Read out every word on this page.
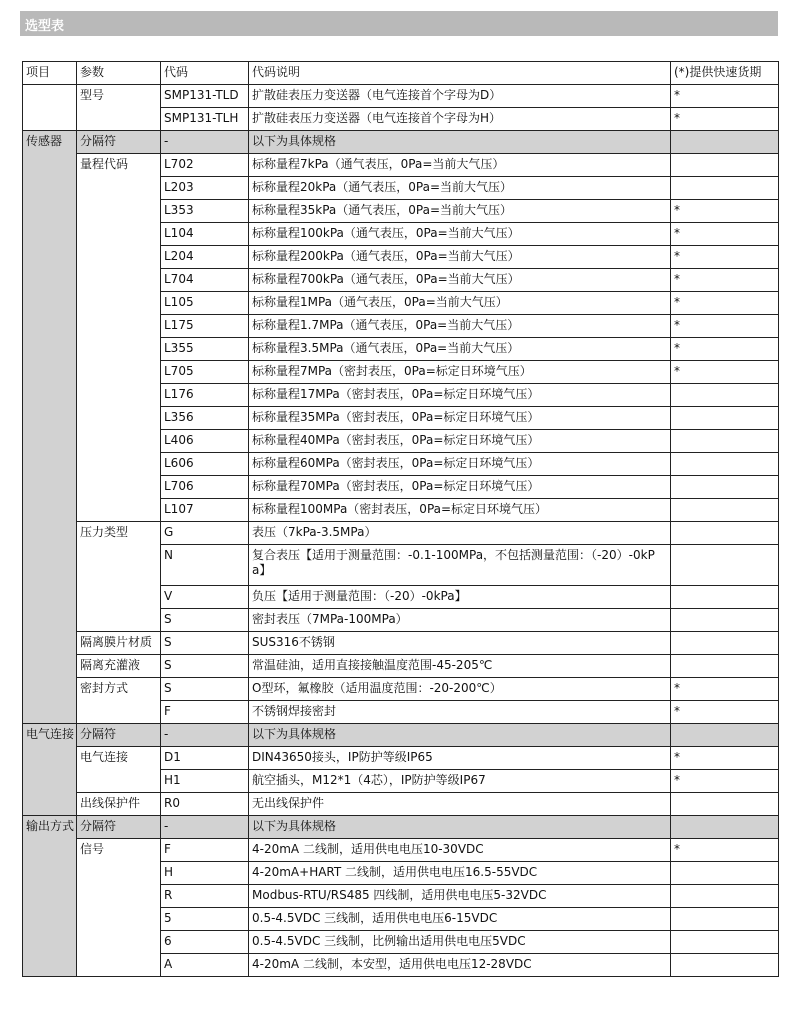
选型表
项目	参数	代码	代码说明	(*)提供快速货期
	型号	SMP131-TLD	扩散硅表压力变送器（电气连接首个字母为D）	*
		SMP131-TLH	扩散硅表压力变送器（电气连接首个字母为H）	*
传感器	分隔符	-	以下为具体规格	
	量程代码	L702	标称量程7kPa（通气表压，0Pa=当前大气压）	
		L203	标称量程20kPa（通气表压，0Pa=当前大气压）	
		L353	标称量程35kPa（通气表压，0Pa=当前大气压）	*
		L104	标称量程100kPa（通气表压，0Pa=当前大气压）	*
		L204	标称量程200kPa（通气表压，0Pa=当前大气压）	*
		L704	标称量程700kPa（通气表压，0Pa=当前大气压）	*
		L105	标称量程1MPa（通气表压，0Pa=当前大气压）	*
		L175	标称量程1.7MPa（通气表压，0Pa=当前大气压）	*
		L355	标称量程3.5MPa（通气表压，0Pa=当前大气压）	*
		L705	标称量程7MPa（密封表压，0Pa=标定日环境气压）	*
		L176	标称量程17MPa（密封表压，0Pa=标定日环境气压）	
		L356	标称量程35MPa（密封表压，0Pa=标定日环境气压）	
		L406	标称量程40MPa（密封表压，0Pa=标定日环境气压）	
		L606	标称量程60MPa（密封表压，0Pa=标定日环境气压）	
		L706	标称量程70MPa（密封表压，0Pa=标定日环境气压）	
		L107	标称量程100MPa（密封表压，0Pa=标定日环境气压）	
	压力类型	G	表压（7kPa-3.5MPa）	
		N	复合表压【适用于测量范围：-0.1-100MPa，不包括测量范围：（-20）-0kPa】	
		V	负压【适用于测量范围：（-20）-0kPa】	
		S	密封表压（7MPa-100MPa）	
	隔离膜片材质	S	SUS316不锈钢	
	隔离充灌液	S	常温硅油，适用直接接触温度范围-45-205℃	
	密封方式	S	O型环，氟橡胶（适用温度范围：-20-200℃）	*
		F	不锈钢焊接密封	*
电气连接	分隔符	-	以下为具体规格	
	电气连接	D1	DIN43650接头，IP防护等级IP65	*
		H1	航空插头，M12*1（4芯），IP防护等级IP67	*
	出线保护件	R0	无出线保护件	
输出方式	分隔符	-	以下为具体规格	
	信号	F	4-20mA 二线制，适用供电电压10-30VDC	*
		H	4-20mA+HART 二线制，适用供电电压16.5-55VDC	
		R	Modbus-RTU/RS485 四线制，适用供电电压5-32VDC	
		5	0.5-4.5VDC 三线制，适用供电电压6-15VDC	
		6	0.5-4.5VDC 三线制，比例输出适用供电电压5VDC	
		A	4-20mA 二线制，本安型，适用供电电压12-28VDC	
